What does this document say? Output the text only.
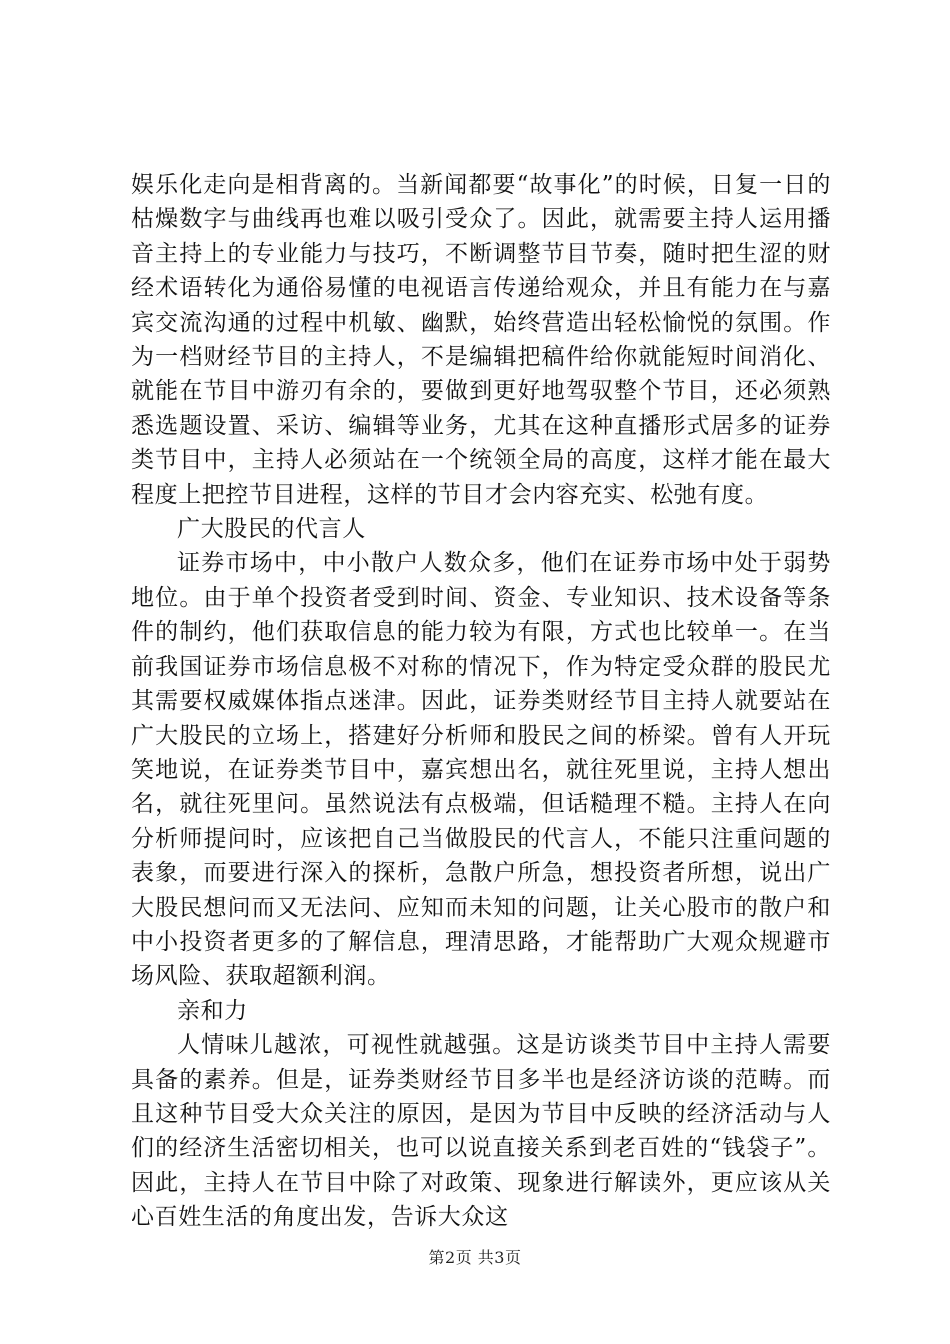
娱乐化走向是相背离的。当新闻都要“故事化”的时候，日复一日的枯燥数字与曲线再也难以吸引受众了。因此，就需要主持人运用播音主持上的专业能力与技巧，不断调整节目节奏，随时把生涩的财经术语转化为通俗易懂的电视语言传递给观众，并且有能力在与嘉宾交流沟通的过程中机敏、幽默，始终营造出轻松愉悦的氛围。作为一档财经节目的主持人，不是编辑把稿件给你就能短时间消化、就能在节目中游刃有余的，要做到更好地驾驭整个节目，还必须熟悉选题设置、采访、编辑等业务，尤其在这种直播形式居多的证券类节目中，主持人必须站在一个统领全局的高度，这样才能在最大程度上把控节目进程，这样的节目才会内容充实、松弛有度。

广大股民的代言人

证券市场中，中小散户人数众多，他们在证券市场中处于弱势地位。由于单个投资者受到时间、资金、专业知识、技术设备等条件的制约，他们获取信息的能力较为有限，方式也比较单一。在当前我国证券市场信息极不对称的情况下，作为特定受众群的股民尤其需要权威媒体指点迷津。因此，证券类财经节目主持人就要站在广大股民的立场上，搭建好分析师和股民之间的桥梁。曾有人开玩笑地说，在证券类节目中，嘉宾想出名，就往死里说，主持人想出名，就往死里问。虽然说法有点极端，但话糙理不糙。主持人在向分析师提问时，应该把自己当做股民的代言人，不能只注重问题的表象，而要进行深入的探析，急散户所急，想投资者所想，说出广大股民想问而又无法问、应知而未知的问题，让关心股市的散户和中小投资者更多的了解信息，理清思路，才能帮助广大观众规避市场风险、获取超额利润。

亲和力

人情味儿越浓，可视性就越强。这是访谈类节目中主持人需要具备的素养。但是，证券类财经节目多半也是经济访谈的范畴。而且这种节目受大众关注的原因，是因为节目中反映的经济活动与人们的经济生活密切相关，也可以说直接关系到老百姓的“钱袋子”。因此，主持人在节目中除了对政策、现象进行解读外，更应该从关心百姓生活的角度出发，告诉大众这

第2页 共3页
